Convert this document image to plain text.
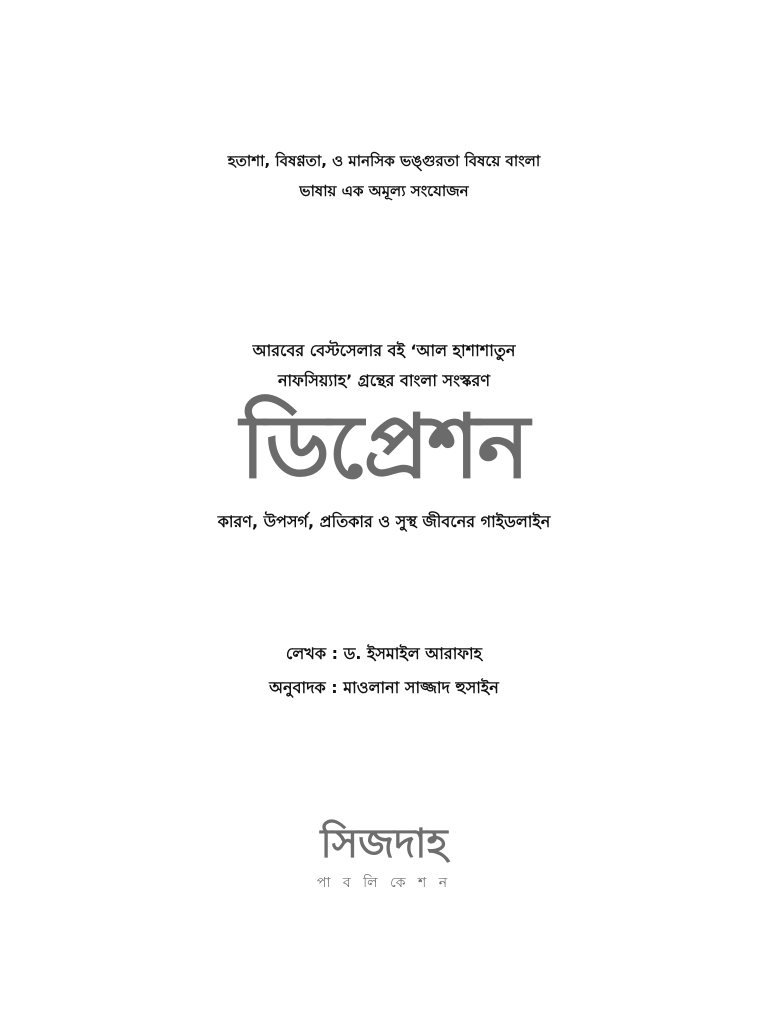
হতাশা, বিষণ্ণতা, ও মানসিক ভঙ্গুরতা বিষয়ে বাংলা
ভাষায় এক অমূল্য সংযোজন
আরবের বেস্টসেলার বই ‘আল হাশাশাতুন
নাফসিয়্যাহ’ গ্রন্থের বাংলা সংস্করণ
ডিপ্রেশন
কারণ, উপসর্গ, প্রতিকার ও সুস্থ জীবনের গাইডলাইন
লেখক : ড. ইসমাইল আরাফাহ
অনুবাদক : মাওলানা সাজ্জাদ হুসাইন
সিজদাহ
পা ব লি কে শ ন
